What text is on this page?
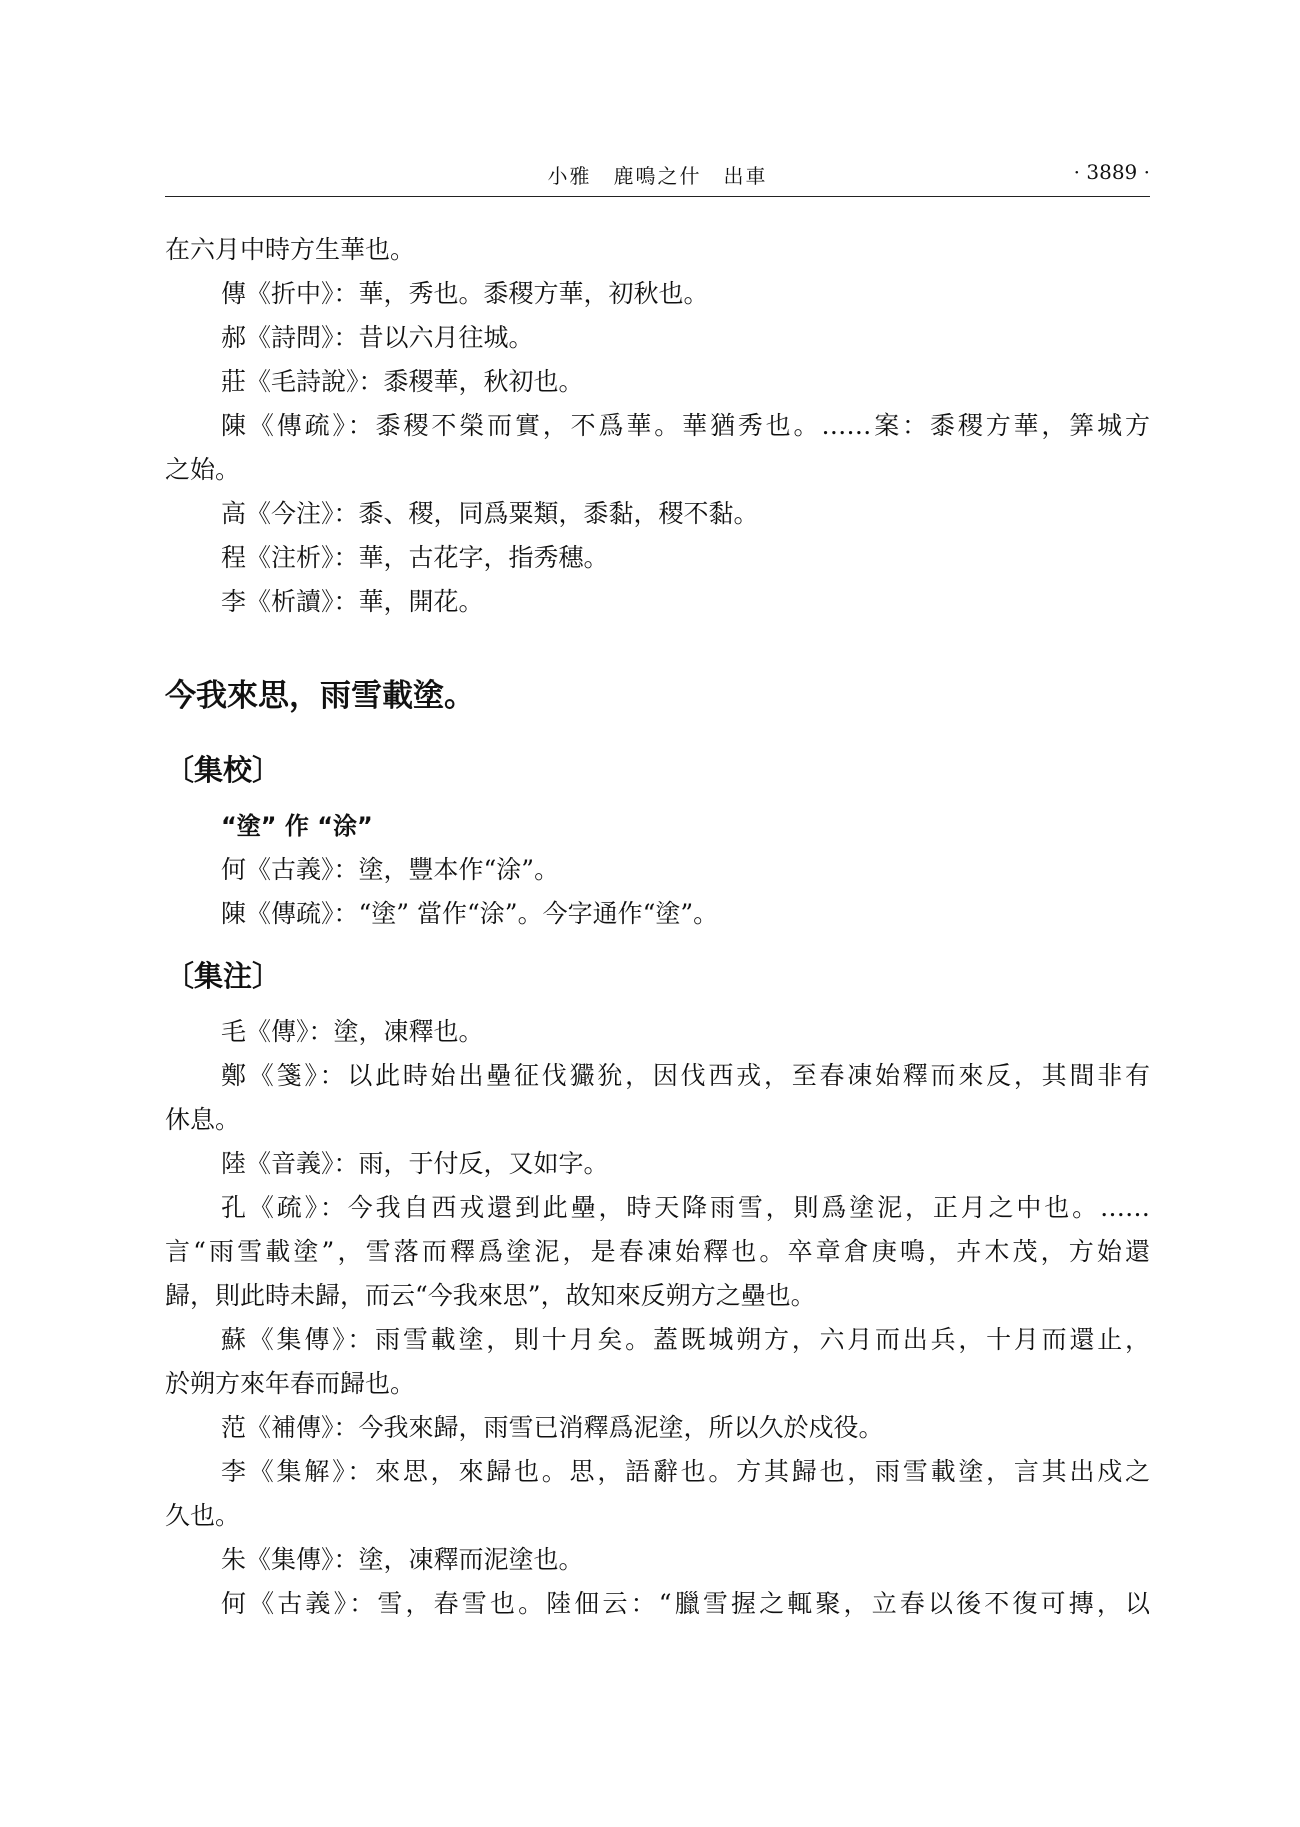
小雅　鹿鳴之什　出車	· 3889 ·

在六月中時方生華也。

傳《折中》：華，秀也。黍稷方華，初秋也。

郝《詩問》：昔以六月往城。

莊《毛詩說》：黍稷華，秋初也。

陳《傳疏》：黍稷不榮而實，不爲華。華猶秀也。……案：黍稷方華，筭城方

之始。

高《今注》：黍、稷，同爲粟類，黍黏，稷不黏。

程《注析》：華，古花字，指秀穗。

李《析讀》：華，開花。

今我來思，雨雪載塗。
〔集校〕
“塗” 作 “涂”

何《古義》：塗，豐本作“涂”。

陳《傳疏》：“塗” 當作“涂”。今字通作“塗”。

〔集注〕

毛《傳》：塗，凍釋也。

鄭《箋》：以此時始出壘征伐玁狁，因伐西戎，至春凍始釋而來反，其間非有

休息。

陸《音義》：雨，于付反，又如字。

孔《疏》：今我自西戎還到此壘，時天降雨雪，則爲塗泥，正月之中也。……

言“雨雪載塗”，雪落而釋爲塗泥，是春凍始釋也。卒章倉庚鳴，卉木茂，方始還

歸，則此時未歸，而云“今我來思”，故知來反朔方之壘也。

蘇《集傳》：雨雪載塗，則十月矣。蓋既城朔方，六月而出兵，十月而還止，

於朔方來年春而歸也。

范《補傳》：今我來歸，雨雪已消釋爲泥塗，所以久於戍役。

李《集解》：來思，來歸也。思，語辭也。方其歸也，雨雪載塗，言其出戍之

久也。

朱《集傳》：塗，凍釋而泥塗也。

何《古義》：雪，春雪也。陸佃云：“臘雪握之輒聚，立春以後不復可摶，以
